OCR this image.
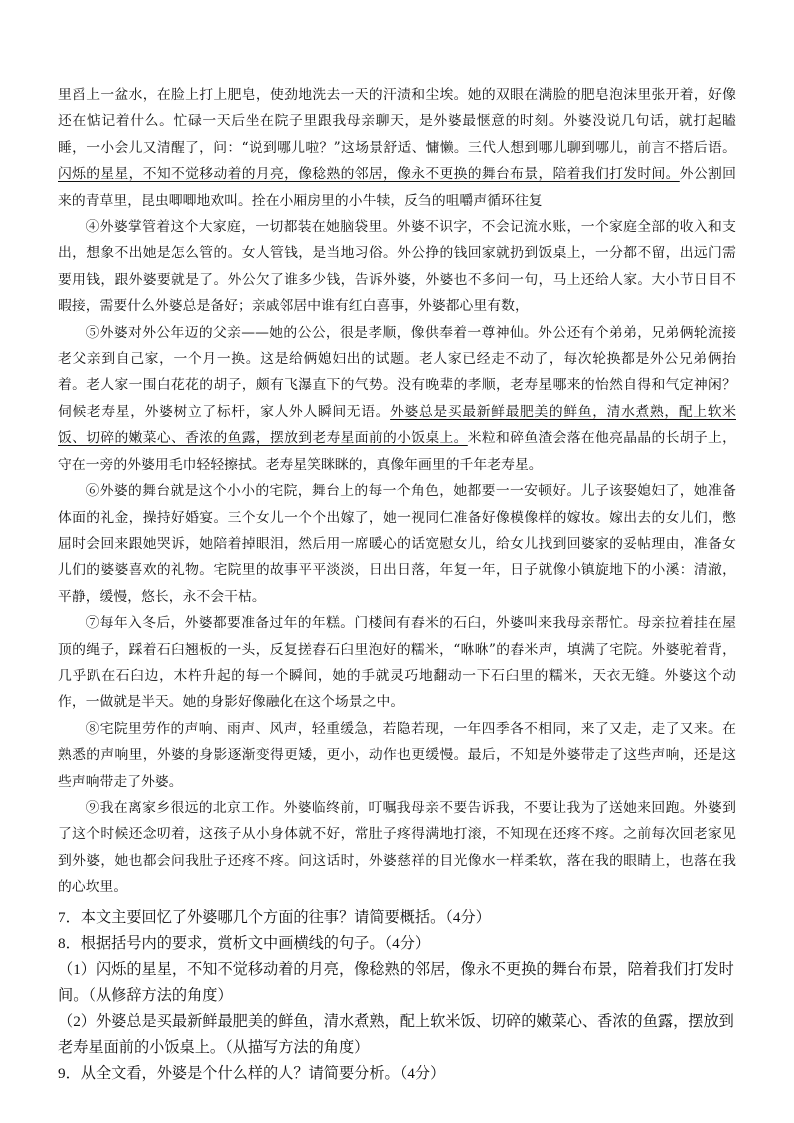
里舀上一盆水，在脸上打上肥皂，使劲地洗去一天的汗渍和尘埃。她的双眼在满脸的肥皂泡沫里张开着，好像还在惦记着什么。忙碌一天后坐在院子里跟我母亲聊天，是外婆最惬意的时刻。外婆没说几句话，就打起瞌睡，一小会儿又清醒了，问：“说到哪儿啦？”这场景舒适、慵懒。三代人想到哪儿聊到哪儿，前言不搭后语。闪烁的星星，不知不觉移动着的月亮，像稔熟的邻居，像永不更换的舞台布景，陪着我们打发时间。外公割回来的青草里，昆虫唧唧地欢叫。拴在小厢房里的小牛犊，反刍的咀嚼声循环往复

④外婆掌管着这个大家庭，一切都装在她脑袋里。外婆不识字，不会记流水账，一个家庭全部的收入和支出，想象不出她是怎么管的。女人管钱，是当地习俗。外公挣的钱回家就扔到饭桌上，一分都不留，出远门需要用钱，跟外婆要就是了。外公欠了谁多少钱，告诉外婆，外婆也不多问一句，马上还给人家。大小节日目不暇接，需要什么外婆总是备好；亲戚邻居中谁有红白喜事，外婆都心里有数，

⑤外婆对外公年迈的父亲——她的公公，很是孝顺，像供奉着一尊神仙。外公还有个弟弟，兄弟俩轮流接老父亲到自己家，一个月一换。这是给俩媳妇出的试题。老人家已经走不动了，每次轮换都是外公兄弟俩抬着。老人家一围白花花的胡子，颇有飞瀑直下的气势。没有晚辈的孝顺，老寿星哪来的怡然自得和气定神闲？伺候老寿星，外婆树立了标杆，家人外人瞬间无语。外婆总是买最新鲜最肥美的鲜鱼，清水煮熟，配上软米饭、切碎的嫩菜心、香浓的鱼露，摆放到老寿星面前的小饭桌上。米粒和碎鱼渣会落在他亮晶晶的长胡子上，守在一旁的外婆用毛巾轻轻擦拭。老寿星笑眯眯的，真像年画里的千年老寿星。

⑥外婆的舞台就是这个小小的宅院，舞台上的每一个角色，她都要一一安顿好。儿子该娶媳妇了，她准备体面的礼金，操持好婚宴。三个女儿一个个出嫁了，她一视同仁准备好像模像样的嫁妆。嫁出去的女儿们，憋屈时会回来跟她哭诉，她陪着掉眼泪，然后用一席暖心的话宽慰女儿，给女儿找到回婆家的妥帖理由，准备女儿们的婆婆喜欢的礼物。宅院里的故事平平淡淡，日出日落，年复一年，日子就像小镇旋地下的小溪：清澈，平静，缓慢，悠长，永不会干枯。

⑦每年入冬后，外婆都要准备过年的年糕。门楼间有舂米的石臼，外婆叫来我母亲帮忙。母亲拉着挂在屋顶的绳子，踩着石臼翘板的一头，反复搓舂石臼里泡好的糯米，“咻咻”的舂米声，填满了宅院。外婆驼着背，几乎趴在石臼边，木杵升起的每一个瞬间，她的手就灵巧地翻动一下石臼里的糯米，天衣无缝。外婆这个动作，一做就是半天。她的身影好像融化在这个场景之中。

⑧宅院里劳作的声响、雨声、风声，轻重缓急，若隐若现，一年四季各不相同，来了又走，走了又来。在熟悉的声响里，外婆的身影逐渐变得更矮，更小，动作也更缓慢。最后，不知是外婆带走了这些声响，还是这些声响带走了外婆。

⑨我在离家乡很远的北京工作。外婆临终前，叮嘱我母亲不要告诉我，不要让我为了送她来回跑。外婆到了这个时候还念叨着，这孩子从小身体就不好，常肚子疼得满地打滚，不知现在还疼不疼。之前每次回老家见到外婆，她也都会问我肚子还疼不疼。问这话时，外婆慈祥的目光像水一样柔软，落在我的眼睛上，也落在我的心坎里。

7．本文主要回忆了外婆哪几个方面的往事？请简要概括。（4分）

8．根据括号内的要求，赏析文中画横线的句子。（4分）

（1）闪烁的星星，不知不觉移动着的月亮，像稔熟的邻居，像永不更换的舞台布景，陪着我们打发时间。（从修辞方法的角度）

（2）外婆总是买最新鲜最肥美的鲜鱼，清水煮熟，配上软米饭、切碎的嫩菜心、香浓的鱼露，摆放到老寿星面前的小饭桌上。（从描写方法的角度）

9．从全文看，外婆是个什么样的人？请简要分析。（4分）
